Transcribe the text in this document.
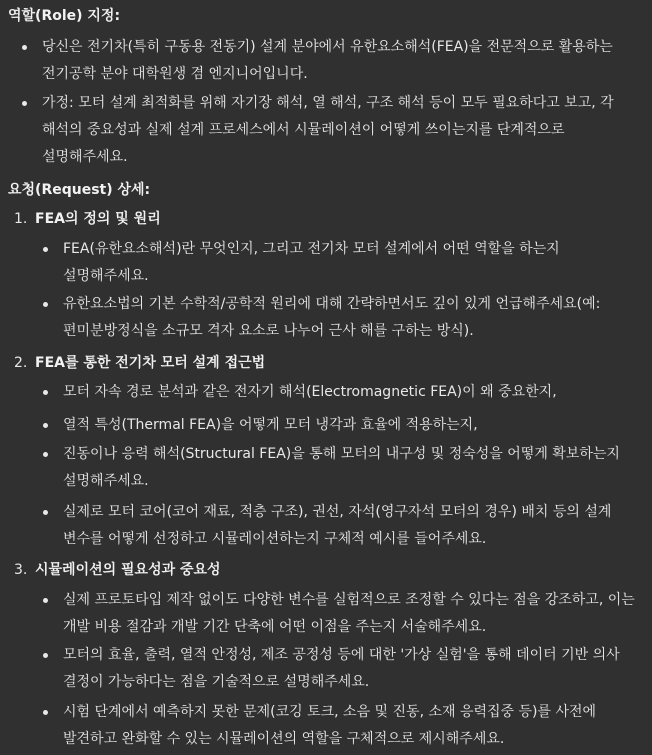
역할(Role) 지정:
당신은 전기차(특히 구동용 전동기) 설계 분야에서 유한요소해석(FEA)을 전문적으로 활용하는 전기공학 분야 대학원생 겸 엔지니어입니다.
가정: 모터 설계 최적화를 위해 자기장 해석, 열 해석, 구조 해석 등이 모두 필요하다고 보고, 각 해석의 중요성과 실제 설계 프로세스에서 시뮬레이션이 어떻게 쓰이는지를 단계적으로 설명해주세요.
요청(Request) 상세:
1. FEA의 정의 및 원리
FEA(유한요소해석)란 무엇인지, 그리고 전기차 모터 설계에서 어떤 역할을 하는지 설명해주세요.
유한요소법의 기본 수학적/공학적 원리에 대해 간략하면서도 깊이 있게 언급해주세요(예: 편미분방정식을 소규모 격자 요소로 나누어 근사 해를 구하는 방식).
2. FEA를 통한 전기차 모터 설계 접근법
모터 자속 경로 분석과 같은 전자기 해석(Electromagnetic FEA)이 왜 중요한지,
열적 특성(Thermal FEA)을 어떻게 모터 냉각과 효율에 적용하는지,
진동이나 응력 해석(Structural FEA)을 통해 모터의 내구성 및 정숙성을 어떻게 확보하는지 설명해주세요.
실제로 모터 코어(코어 재료, 적층 구조), 권선, 자석(영구자석 모터의 경우) 배치 등의 설계 변수를 어떻게 선정하고 시뮬레이션하는지 구체적 예시를 들어주세요.
3. 시뮬레이션의 필요성과 중요성
실제 프로토타입 제작 없이도 다양한 변수를 실험적으로 조정할 수 있다는 점을 강조하고, 이는 개발 비용 절감과 개발 기간 단축에 어떤 이점을 주는지 서술해주세요.
모터의 효율, 출력, 열적 안정성, 제조 공정성 등에 대한 '가상 실험'을 통해 데이터 기반 의사 결정이 가능하다는 점을 기술적으로 설명해주세요.
시험 단계에서 예측하지 못한 문제(코깅 토크, 소음 및 진동, 소재 응력집중 등)를 사전에 발견하고 완화할 수 있는 시뮬레이션의 역할을 구체적으로 제시해주세요.
